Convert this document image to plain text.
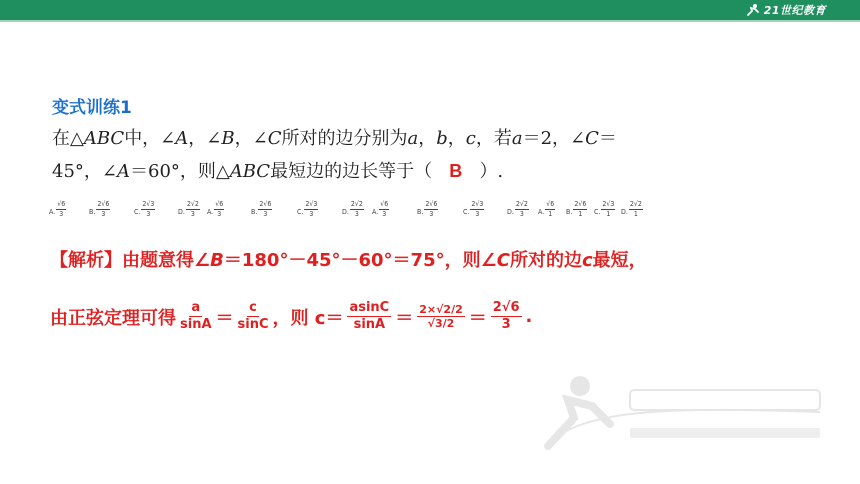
21世纪教育
变式训练1
在△ABC中，∠A，∠B，∠C所对的边分别为a，b，c，若a＝2，∠C＝
45°，∠A＝60°，则△ABC最短边的边长等于（ B ）.
A. $\frac{√6}{3}$	B. $\frac{2√6}{3}$	C. $\frac{2√3}{3}$	D. $\frac{2√2}{3} A$. $\frac{√6}{3}$	B. $\frac{2√6}{3}$	C. $\frac{2√3}{3}$	D. $\frac{2√2}{3} A$. $\frac{√6}{3}$	B. $\frac{2√6}{3}$	C. $\frac{2√3}{3}$	D. $\frac{2√2}{3} A$. $\frac{√6}{1} B$. $\frac{2√6}{1} C$. $\frac{2√3}{1} D$. $\frac{2√2}{1}$
【解析】由题意得∠B＝180°－45°－60°＝75°，则∠C所对的边c最短，
由正弦定理可得 a
sinA ＝ c
sinC ，则 c＝ asinC
sinA ＝ 2×√2/2
√3/2 ＝ 2√6
3 .
